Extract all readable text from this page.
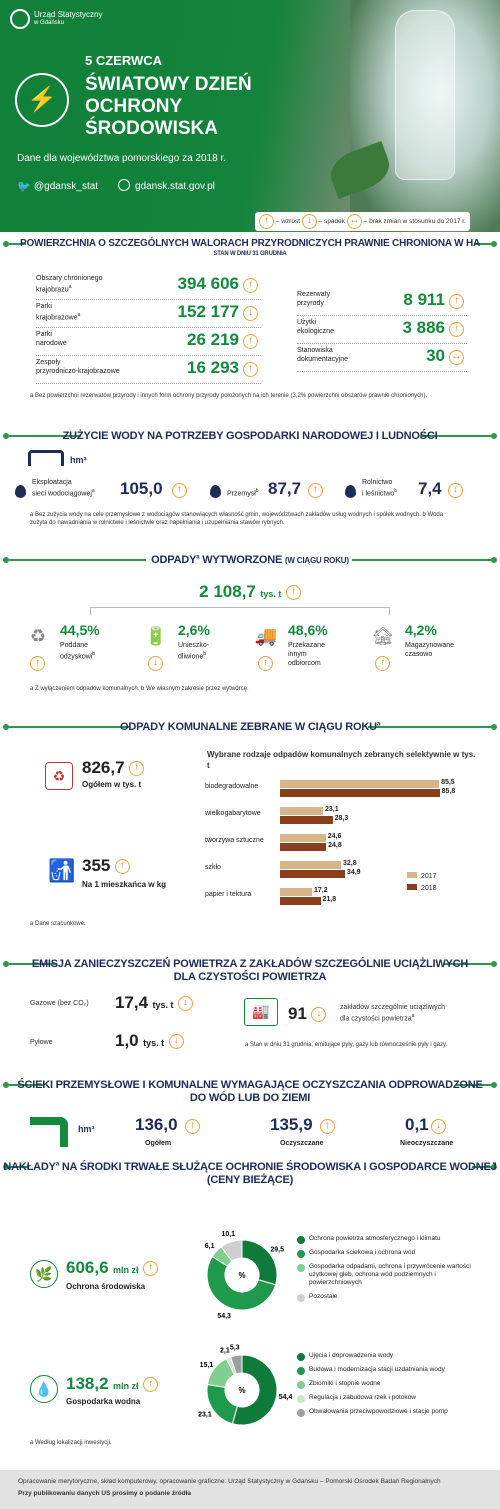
Urząd Statystyczny
w Gdańsku
⚡
5 CZERWCA
ŚWIATOWY DZIEŃ
OCHRONY
ŚRODOWISKA
Dane dla województwa pomorskiego za 2018 r.
🐦 @gdansk_stat	gdansk.stat.gov.pl
↑ – wzrost ↓ – spadek ↔ – brak zmian w stosunku do 2017 r.
POWIERZCHNIA O SZCZEGÓLNYCH WALORACH PRZYRODNICZYCH PRAWNIE CHRONIONA W HA
STAN W DNIU 31 GRUDNIA
Obszary chronionego
krajobrazu$^a$	394 606 ↑
Parki
krajobrazowe$^a$	152 177 ↓
Parki
narodowe	26 219 ↑
Zespoły
przyrodniczo-krajobrazowe	16 293 ↑
Rezerwaty
przyrody	8 911 ↑
Użytki
ekologiczne	3 886 ↑
Stanowiska
dokumentacyjne	30 ↔
a Bez powierzchni rezerwatów przyrody i innych form ochrony przyrody położonych na ich terenie (3,2% powierzchni obszarów prawnie chronionych).
ZUŻYCIE WODY NA POTRZEBY GOSPODARKI NARODOWEJ I LUDNOŚCI
hm³
Eksploatacja
sieci wodociągowej$^a$ 105,0	↑	Przemysł$^b$ 87,7	↑
Rolnictwo
i leśnictwo$^b$ 7,4	↓
a Bez zużycia wody na cele przemysłowe z wodociągów stanowiących własność gmin, województwach zakładów usług wodnych i spółek wodnych. b Woda
zużyta do nawadniania w rolnictwie i leśnictwie oraz napełniania i uzupełniania stawów rybnych.
ODPADY$^a$ WYTWORZONE (W CIĄGU ROKU)
2 108,7 tys. t ↑
♻ 44,5%
Poddane
odzyskowi$^b$
↑
🔋 2,6%
Unieszko-
dliwione$^b$
↓
🚚 48,6%
Przekazane
innym
odbiorcom
↑
🏚 4,2%
Magazynowane
czasowo
↑
a Z wyłączeniem odpadów komunalnych. b We własnym zakresie przez wytwórcę.
ODPADY KOMUNALNE ZEBRANE W CIĄGU ROKU$^a$
♻ 826,7 ↑
Ogółem w tys. t
🚮 355 ↑
Na 1 mieszkańca w kg
a Dane szacunkowe.
Wybrane rodzaje odpadów komunalnych zebranych selektywnie w tys. t
biodegradowalne
85,5
85,8
wielkogabarytowe
23,1
28,3
tworzywa sztuczne
24,6
24,8
szkło
32,8
34,9
papier i tektura
17,2
21,8
2017
2018
EMISJA ZANIECZYSZCZEŃ POWIETRZA Z ZAKŁADÓW SZCZEGÓLNIE UCIĄŻLIWYCH
DLA CZYSTOŚCI POWIETRZA
Gazowe (bez CO₂) 17,4 tys. t ↓
Pyłowe	1,0 tys. t ↓
🏭	91 ↓
zakładów szczególnie uciążliwych
dla czystości powietrza$^a$
a Stan w dniu 31 grudnia; emitujące pyły, gazy lub równocześnie pyły i gazy.
ŚCIEKI PRZEMYSŁOWE I KOMUNALNE WYMAGAJĄCE OCZYSZCZANIA ODPROWADZONE
DO WÓD LUB DO ZIEMI
hm³ 136,0	↑
Ogółem
135,9	↑
Oczyszczane
0,1 ↓
Nieoczyszczane
NAKŁADY$^a$ NA ŚRODKI TRWAŁE SŁUŻĄCE OCHRONIE ŚRODOWISKA I GOSPODARCE WODNEJ
(CENY BIEŻĄCE)
🌿 606,6 mln zł ↑
Ochrona środowiska
29,5
54,3
6,1
10,1
%
Ochrona powietrza atmosferycznego i klimatu
Gospodarka ściekowa i ochrona wód
Gospodarka odpadami, ochrona i przywrócenie wartości użytkowej gleb, ochrona wód podziemnych i powierzchniowych
Pozostałe
💧 138,2 mln zł ↑
Gospodarka wodna	54,4
23,1
15,1
2,1 5,3
%
Ujęcia i doprowadzenia wody
Budowa i modernizacja stacji uzdatniania wody
Zbiorniki i stopnie wodne
Regulacja i zabudowa rzek i potoków
Obwałowania przeciwpowodziowe i stacje pomp
a Według lokalizacji inwestycji.
Opracowanie merytoryczne, skład komputerowy, opracowanie graficzne: Urząd Statystyczny w Gdańsku – Pomorski Ośrodek Badań Regionalnych
Przy publikowaniu danych US prosimy o podanie źródła
